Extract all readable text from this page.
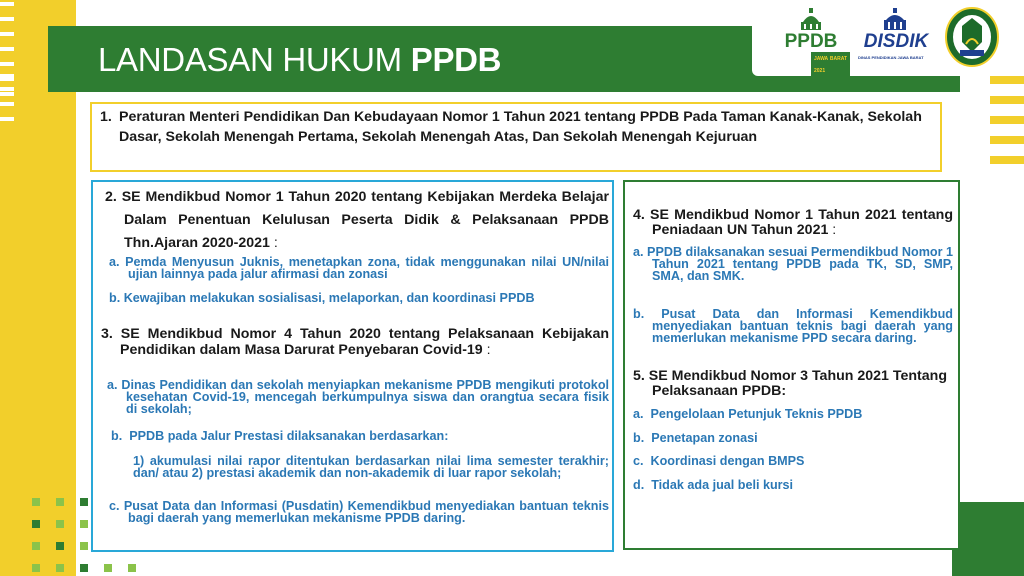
LANDASAN HUKUM PPDB	PPDB
JAWA BARAT 2021
DISDIK
DINAS PENDIDIKAN JAWA BARAT
1. Peraturan Menteri Pendidikan Dan Kebudayaan Nomor 1 Tahun 2021 tentang PPDB Pada Taman Kanak-Kanak, Sekolah Dasar, Sekolah Menengah Pertama, Sekolah Menengah Atas, Dan Sekolah Menengah Kejuruan
2. SE Mendikbud Nomor 1 Tahun 2020 tentang Kebijakan Merdeka Belajar Dalam Penentuan Kelulusan Peserta Didik & Pelaksanaan PPDB Thn.Ajaran 2020-2021 :
a. Pemda Menyusun Juknis, menetapkan zona, tidak menggunakan nilai UN/nilai ujian lainnya pada jalur afirmasi dan zonasi
b. Kewajiban melakukan sosialisasi, melaporkan, dan koordinasi PPDB
3. SE Mendikbud Nomor 4 Tahun 2020 tentang Pelaksanaan Kebijakan Pendidikan dalam Masa Darurat Penyebaran Covid-19 :
a. Dinas Pendidikan dan sekolah menyiapkan mekanisme PPDB mengikuti protokol kesehatan Covid-19, mencegah berkumpulnya siswa dan orangtua secara fisik di sekolah;
b. PPDB pada Jalur Prestasi dilaksanakan berdasarkan:
1) akumulasi nilai rapor ditentukan berdasarkan nilai lima semester terakhir; dan/ atau 2) prestasi akademik dan non-akademik di luar rapor sekolah;
c. Pusat Data dan Informasi (Pusdatin) Kemendikbud menyediakan bantuan teknis bagi daerah yang memerlukan mekanisme PPDB daring.
4. SE Mendikbud Nomor 1 Tahun 2021 tentang Peniadaan UN Tahun 2021 :
a. PPDB dilaksanakan sesuai Permendikbud Nomor 1 Tahun 2021 tentang PPDB pada TK, SD, SMP, SMA, dan SMK.
b. Pusat Data dan Informasi Kemendikbud menyediakan bantuan teknis bagi daerah yang memerlukan mekanisme PPD secara daring.
5. SE Mendikbud Nomor 3 Tahun 2021 Tentang Pelaksanaan PPDB:
a. Pengelolaan Petunjuk Teknis PPDB
b. Penetapan zonasi
c. Koordinasi dengan BMPS
d. Tidak ada jual beli kursi
